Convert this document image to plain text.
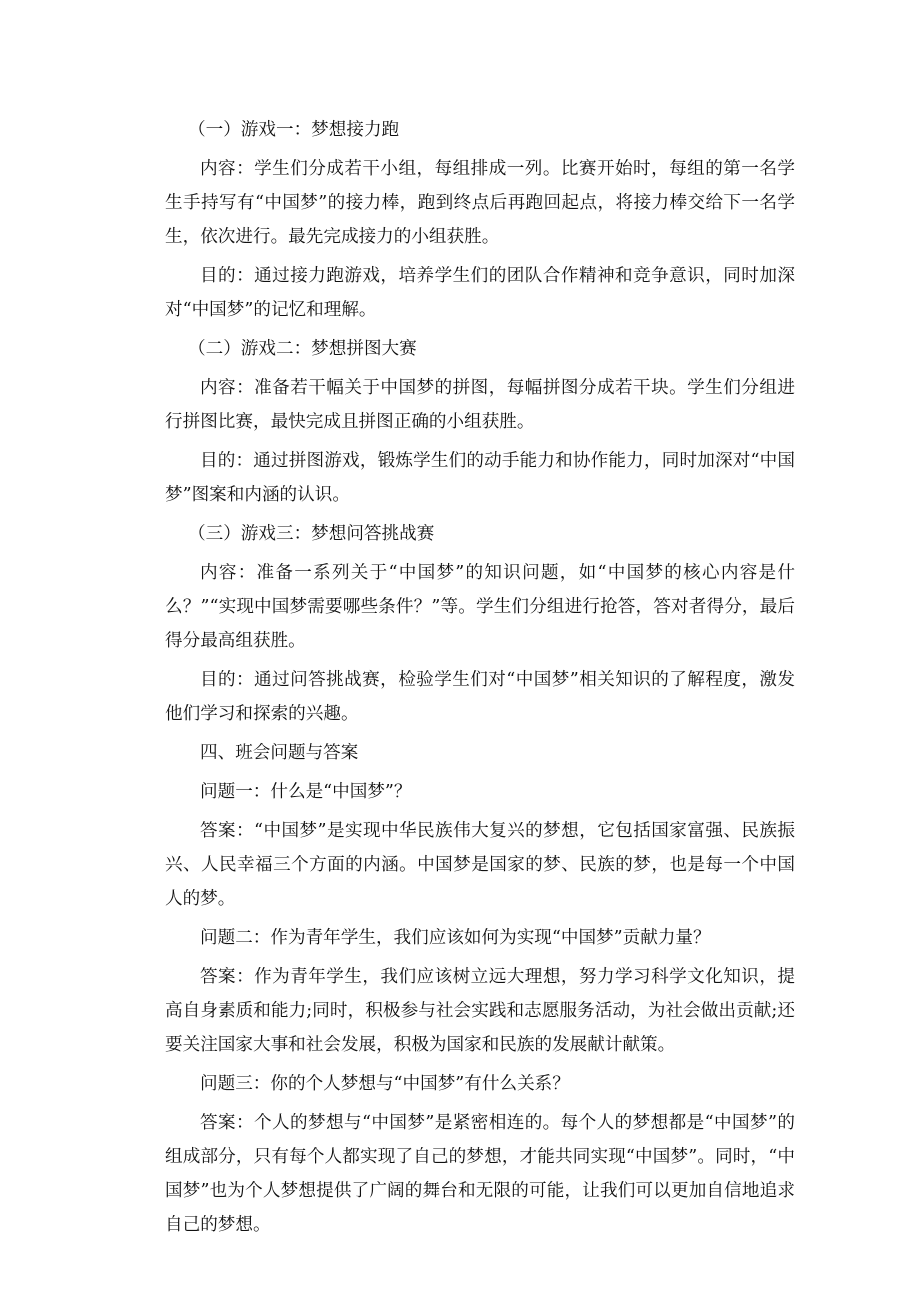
（一）游戏一：梦想接力跑

内容：学生们分成若干小组，每组排成一列。比赛开始时，每组的第一名学生手持写有“中国梦”的接力棒，跑到终点后再跑回起点，将接力棒交给下一名学生，依次进行。最先完成接力的小组获胜。

目的：通过接力跑游戏，培养学生们的团队合作精神和竞争意识，同时加深对“中国梦”的记忆和理解。

（二）游戏二：梦想拼图大赛

内容：准备若干幅关于中国梦的拼图，每幅拼图分成若干块。学生们分组进行拼图比赛，最快完成且拼图正确的小组获胜。

目的：通过拼图游戏，锻炼学生们的动手能力和协作能力，同时加深对“中国梦”图案和内涵的认识。

（三）游戏三：梦想问答挑战赛

内容：准备一系列关于“中国梦”的知识问题，如“中国梦的核心内容是什么？”“实现中国梦需要哪些条件？”等。学生们分组进行抢答，答对者得分，最后得分最高组获胜。

目的：通过问答挑战赛，检验学生们对“中国梦”相关知识的了解程度，激发他们学习和探索的兴趣。

四、班会问题与答案

问题一：什么是“中国梦”？

答案：“中国梦”是实现中华民族伟大复兴的梦想，它包括国家富强、民族振兴、人民幸福三个方面的内涵。中国梦是国家的梦、民族的梦，也是每一个中国人的梦。

问题二：作为青年学生，我们应该如何为实现“中国梦”贡献力量？

答案：作为青年学生，我们应该树立远大理想，努力学习科学文化知识，提高自身素质和能力;同时，积极参与社会实践和志愿服务活动，为社会做出贡献;还要关注国家大事和社会发展，积极为国家和民族的发展献计献策。

问题三：你的个人梦想与“中国梦”有什么关系？

答案：个人的梦想与“中国梦”是紧密相连的。每个人的梦想都是“中国梦”的组成部分，只有每个人都实现了自己的梦想，才能共同实现“中国梦”。同时，“中国梦”也为个人梦想提供了广阔的舞台和无限的可能，让我们可以更加自信地追求自己的梦想。
